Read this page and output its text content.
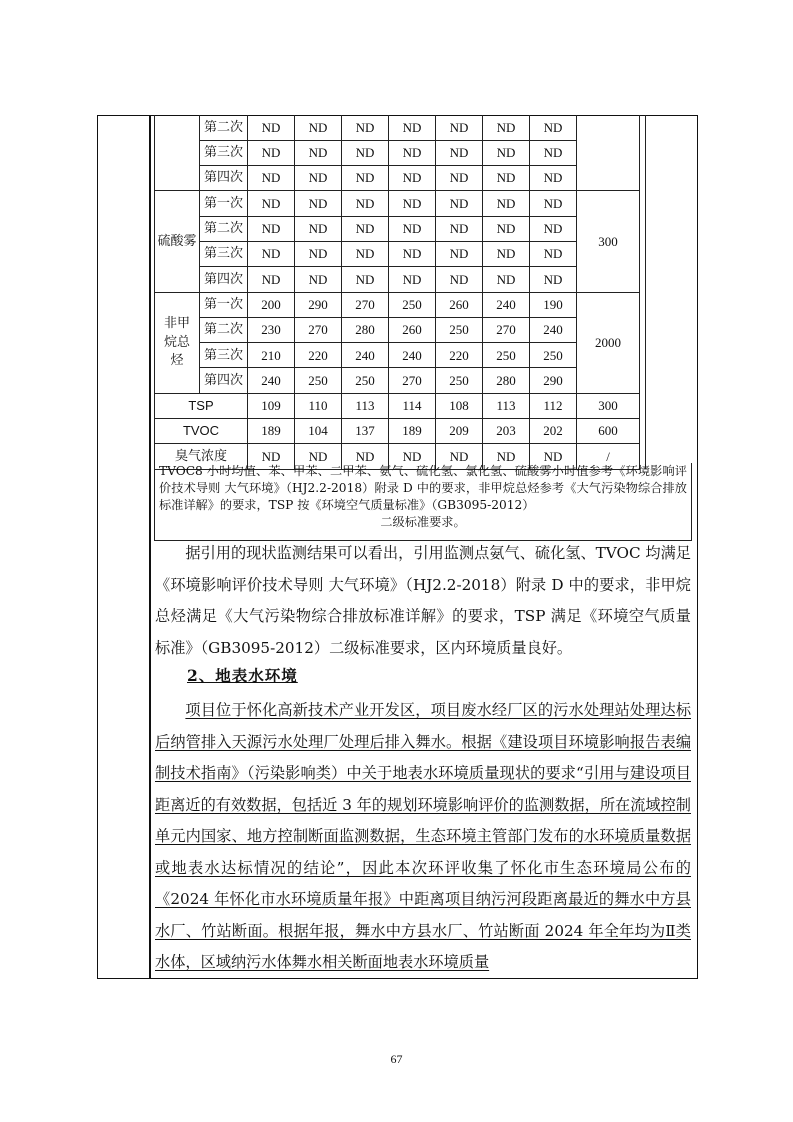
	第二次	ND	ND	ND	ND	ND	ND	ND		
	第三次	ND	ND	ND	ND	ND	ND	ND		
	第四次	ND	ND	ND	ND	ND	ND	ND		
硫酸雾	第一次	ND	ND	ND	ND	ND	ND	ND	300	
	第二次	ND	ND	ND	ND	ND	ND	ND		
	第三次	ND	ND	ND	ND	ND	ND	ND		
	第四次	ND	ND	ND	ND	ND	ND	ND		
非甲
烷总
烃	第一次	200	290	270	250	260	240	190	2000	
	第二次	230	270	280	260	250	270	240		
	第三次	210	220	240	240	220	250	250		
	第四次	240	250	250	270	250	280	290		
TSP		109	110	113	114	108	113	112	300	
TVOC		189	104	137	189	209	203	202	600	
臭气浓度		ND	ND	ND	ND	ND	ND	ND	/	
TVOC8 小时均值、苯、甲苯、二甲苯、氨气、硫化氢、氯化氢、硫酸雾小时值参考《环境影响评价技术导则 大气环境》（HJ2.2-2018）附录 D 中的要求，非甲烷总烃参考《大气污染物综合排放标准详解》的要求，TSP 按《环境空气质量标准》（GB3095-2012）
二级标准要求。

据引用的现状监测结果可以看出，引用监测点氨气、硫化氢、TVOC 均满足《环境影响评价技术导则 大气环境》（HJ2.2-2018）附录 D 中的要求，非甲烷总烃满足《大气污染物综合排放标准详解》的要求，TSP 满足《环境空气质量标准》（GB3095-2012）二级标准要求，区内环境质量良好。

2、地表水环境

项目位于怀化高新技术产业开发区，项目废水经厂区的污水处理站处理达标后纳管排入天源污水处理厂处理后排入舞水。根据《建设项目环境影响报告表编制技术指南》（污染影响类）中关于地表水环境质量现状的要求“引用与建设项目距离近的有效数据，包括近 3 年的规划环境影响评价的监测数据，所在流域控制单元内国家、地方控制断面监测数据，生态环境主管部门发布的水环境质量数据或地表水达标情况的结论”，因此本次环评收集了怀化市生态环境局公布的《2024 年怀化市水环境质量年报》中距离项目纳污河段距离最近的舞水中方县水厂、竹站断面。根据年报，舞水中方县水厂、竹站断面 2024 年全年均为Ⅱ类水体，区域纳污水体舞水相关断面地表水环境质量

67
